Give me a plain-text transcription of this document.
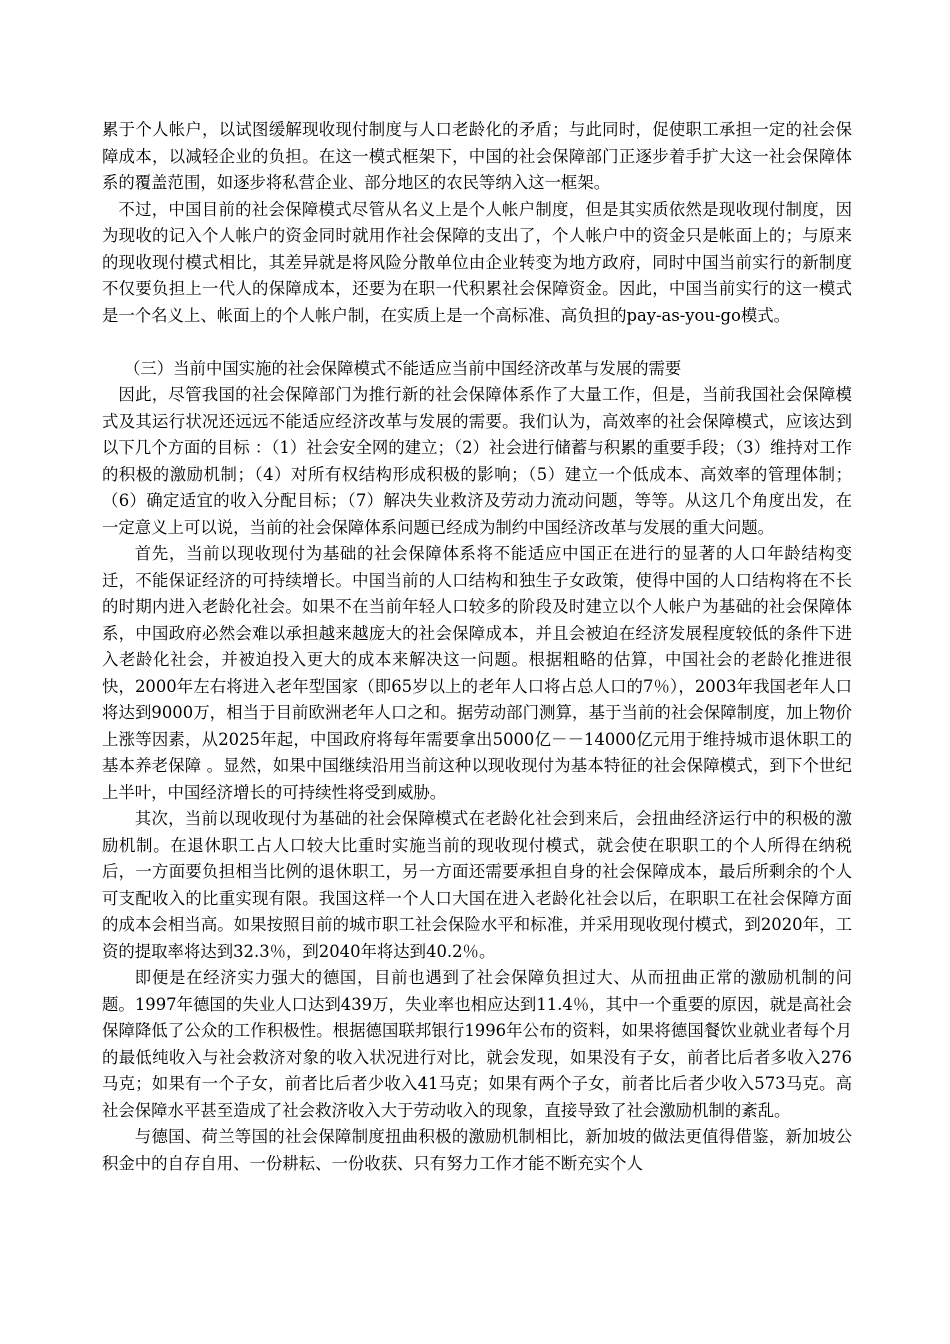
累于个人帐户，以试图缓解现收现付制度与人口老龄化的矛盾；与此同时，促使职工承担一定的社会保障成本，以减轻企业的负担。在这一模式框架下，中国的社会保障部门正逐步着手扩大这一社会保障体系的覆盖范围，如逐步将私营企业、部分地区的农民等纳入这一框架。

不过，中国目前的社会保障模式尽管从名义上是个人帐户制度，但是其实质依然是现收现付制度，因为现收的记入个人帐户的资金同时就用作社会保障的支出了，个人帐户中的资金只是帐面上的；与原来的现收现付模式相比，其差异就是将风险分散单位由企业转变为地方政府，同时中国当前实行的新制度不仅要负担上一代人的保障成本，还要为在职一代积累社会保障资金。因此，中国当前实行的这一模式是一个名义上、帐面上的个人帐户制，在实质上是一个高标准、高负担的pay-as-you-go模式。

（三）当前中国实施的社会保障模式不能适应当前中国经济改革与发展的需要

因此，尽管我国的社会保障部门为推行新的社会保障体系作了大量工作，但是，当前我国社会保障模式及其运行状况还远远不能适应经济改革与发展的需要。我们认为，高效率的社会保障模式，应该达到以下几个方面的目标 ：（1）社会安全网的建立；（2）社会进行储蓄与积累的重要手段；（3）维持对工作的积极的激励机制；（4）对所有权结构形成积极的影响；（5）建立一个低成本、高效率的管理体制；（6）确定适宜的收入分配目标；（7）解决失业救济及劳动力流动问题，等等。从这几个角度出发，在一定意义上可以说，当前的社会保障体系问题已经成为制约中国经济改革与发展的重大问题。

首先，当前以现收现付为基础的社会保障体系将不能适应中国正在进行的显著的人口年龄结构变迁，不能保证经济的可持续增长。中国当前的人口结构和独生子女政策，使得中国的人口结构将在不长的时期内进入老龄化社会。如果不在当前年轻人口较多的阶段及时建立以个人帐户为基础的社会保障体系，中国政府必然会难以承担越来越庞大的社会保障成本，并且会被迫在经济发展程度较低的条件下进入老龄化社会，并被迫投入更大的成本来解决这一问题。根据粗略的估算，中国社会的老龄化推进很快，2000年左右将进入老年型国家（即65岁以上的老年人口将占总人口的7％），2003年我国老年人口将达到9000万，相当于目前欧洲老年人口之和。据劳动部门测算，基于当前的社会保障制度，加上物价上涨等因素，从2025年起，中国政府将每年需要拿出5000亿－－14000亿元用于维持城市退休职工的基本养老保障 。显然，如果中国继续沿用当前这种以现收现付为基本特征的社会保障模式，到下个世纪上半叶，中国经济增长的可持续性将受到威胁。

其次，当前以现收现付为基础的社会保障模式在老龄化社会到来后，会扭曲经济运行中的积极的激励机制。在退休职工占人口较大比重时实施当前的现收现付模式，就会使在职职工的个人所得在纳税后，一方面要负担相当比例的退休职工，另一方面还需要承担自身的社会保障成本，最后所剩余的个人可支配收入的比重实现有限。我国这样一个人口大国在进入老龄化社会以后，在职职工在社会保障方面的成本会相当高。如果按照目前的城市职工社会保险水平和标准，并采用现收现付模式，到2020年，工资的提取率将达到32.3％，到2040年将达到40.2％。

即便是在经济实力强大的德国，目前也遇到了社会保障负担过大、从而扭曲正常的激励机制的问题。1997年德国的失业人口达到439万，失业率也相应达到11.4％，其中一个重要的原因，就是高社会保障降低了公众的工作积极性。根据德国联邦银行1996年公布的资料，如果将德国餐饮业就业者每个月的最低纯收入与社会救济对象的收入状况进行对比，就会发现，如果没有子女，前者比后者多收入276马克；如果有一个子女，前者比后者少收入41马克；如果有两个子女，前者比后者少收入573马克。高社会保障水平甚至造成了社会救济收入大于劳动收入的现象，直接导致了社会激励机制的紊乱。

与德国、荷兰等国的社会保障制度扭曲积极的激励机制相比，新加坡的做法更值得借鉴，新加坡公积金中的自存自用、一份耕耘、一份收获、只有努力工作才能不断充实个人
